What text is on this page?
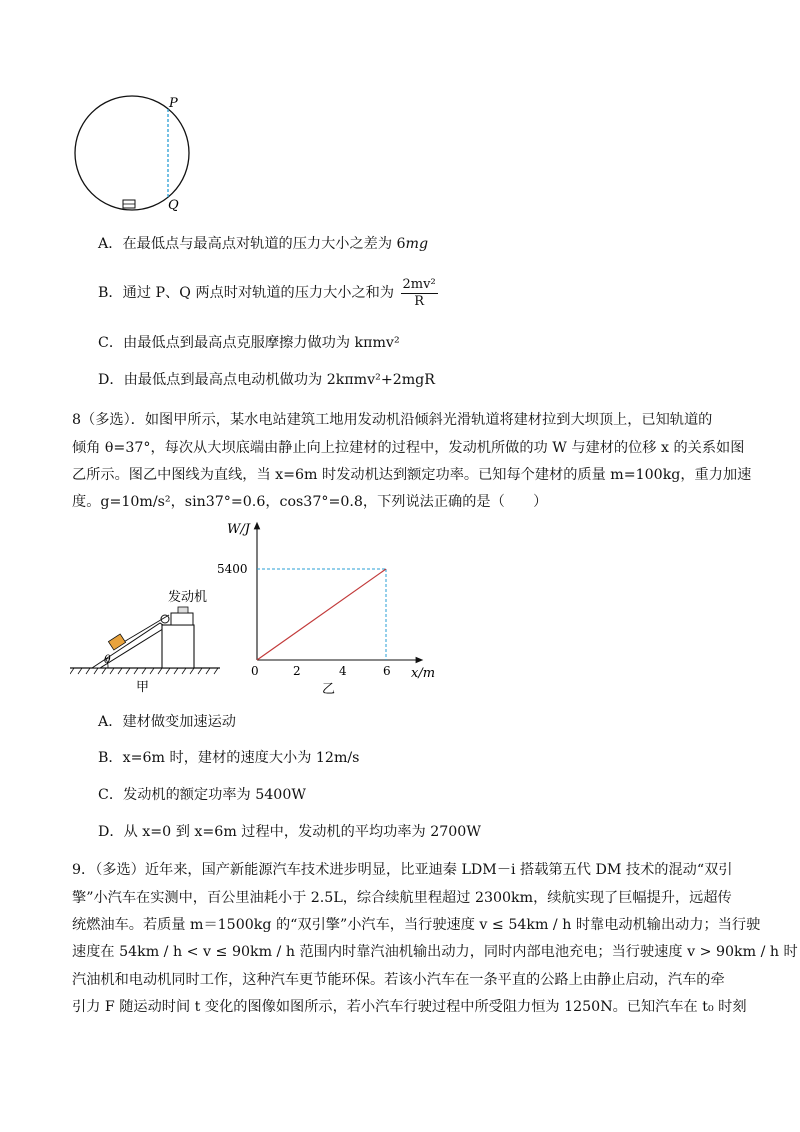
P
Q
A．在最低点与最高点对轨道的压力大小之差为 6mg
B．通过 P、Q 两点时对轨道的压力大小之和为 $\frac{\text{2mv²}}{R}$
C．由最低点到最高点克服摩擦力做功为 kπmv²
D．由最低点到最高点电动机做功为 2kπmv²+2mgR
8（多选）．如图甲所示，某水电站建筑工地用发动机沿倾斜光滑轨道将建材拉到大坝顶上，已知轨道的
倾角 θ=37°，每次从大坝底端由静止向上拉建材的过程中，发动机所做的功 W 与建材的位移 x 的关系如图
乙所示。图乙中图线为直线，当 x=6m 时发动机达到额定功率。已知每个建材的质量 m=100kg，重力加速
度。g=10m/s²，sin37°=0.6，cos37°=0.8，下列说法正确的是（　　）
θ
发动机
甲
W/J
x/m
0	2	4	6
5400
乙
A．建材做变加速运动
B．x=6m 时，建材的速度大小为 12m/s
C．发动机的额定功率为 5400W
D．从 x=0 到 x=6m 过程中，发动机的平均功率为 2700W
9．（多选）近年来，国产新能源汽车技术进步明显，比亚迪秦 LDM－i 搭载第五代 DM 技术的混动“双引
擎”小汽车在实测中，百公里油耗小于 2.5L，综合续航里程超过 2300km，续航实现了巨幅提升，远超传
统燃油车。若质量 m＝1500kg 的“双引擎”小汽车，当行驶速度 v ≤ 54km / h 时靠电动机输出动力；当行驶
速度在 54km / h < v ≤ 90km / h 范围内时靠汽油机输出动力，同时内部电池充电；当行驶速度 v > 90km / h 时
汽油机和电动机同时工作，这种汽车更节能环保。若该小汽车在一条平直的公路上由静止启动，汽车的牵
引力 F 随运动时间 t 变化的图像如图所示，若小汽车行驶过程中所受阻力恒为 1250N。已知汽车在 t₀ 时刻
